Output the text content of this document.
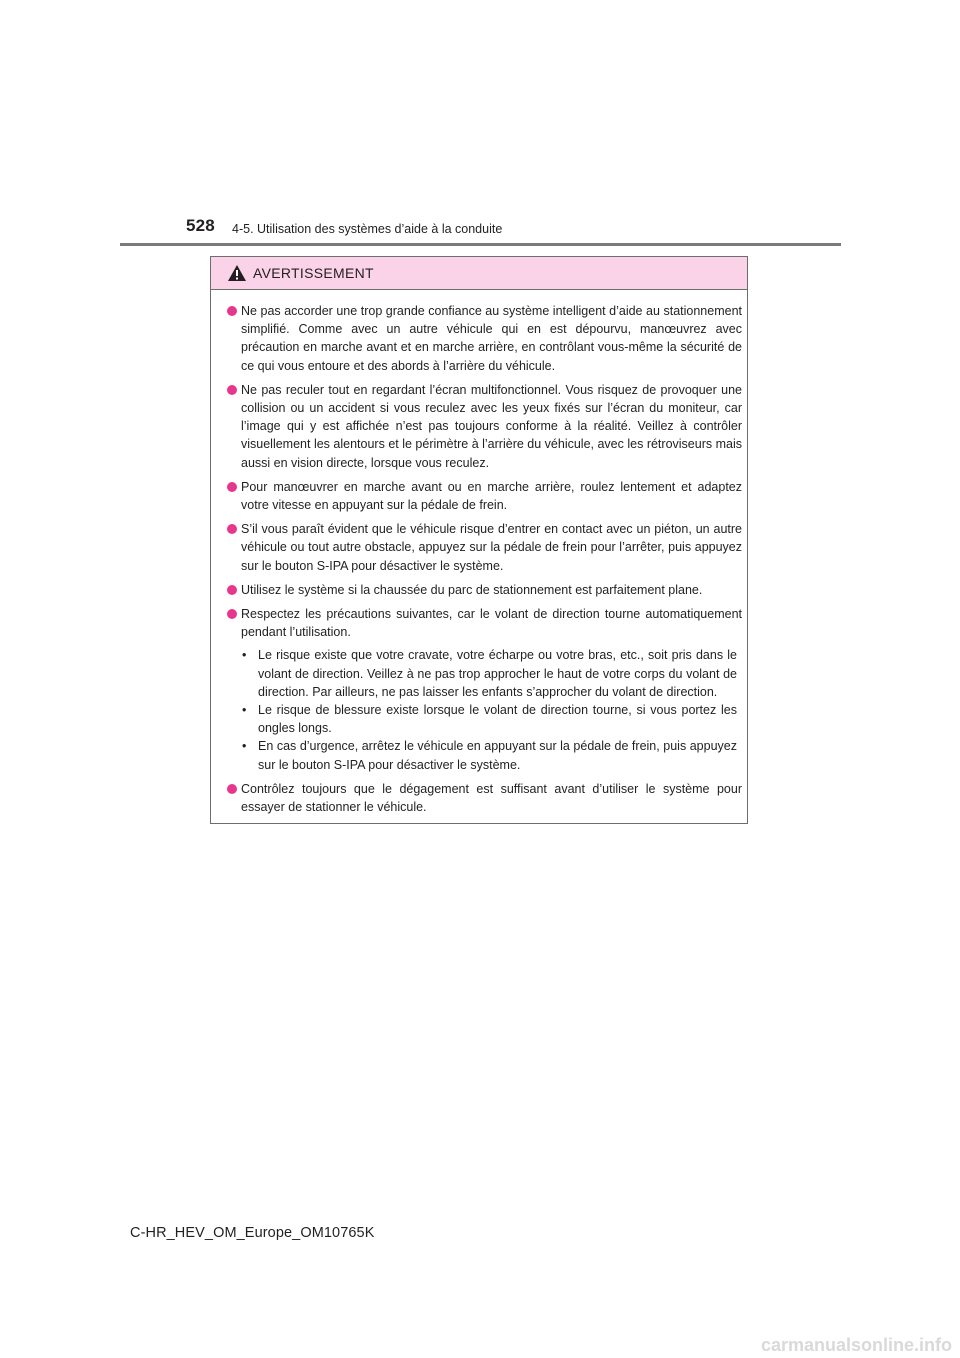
528 4-5. Utilisation des systèmes d’aide à la conduite
AVERTISSEMENT
Ne pas accorder une trop grande confiance au système intelligent d’aide au stationnement simplifié. Comme avec un autre véhicule qui en est dépourvu, manœuvrez avec précaution en marche avant et en marche arrière, en contrôlant vous-même la sécurité de ce qui vous entoure et des abords à l’arrière du véhicule.
Ne pas reculer tout en regardant l’écran multifonctionnel. Vous risquez de provoquer une collision ou un accident si vous reculez avec les yeux fixés sur l’écran du moniteur, car l’image qui y est affichée n’est pas toujours conforme à la réalité. Veillez à contrôler visuellement les alentours et le périmètre à l’arrière du véhicule, avec les rétroviseurs mais aussi en vision directe, lorsque vous reculez.
Pour manœuvrer en marche avant ou en marche arrière, roulez lentement et adaptez votre vitesse en appuyant sur la pédale de frein.
S’il vous paraît évident que le véhicule risque d’entrer en contact avec un piéton, un autre véhicule ou tout autre obstacle, appuyez sur la pédale de frein pour l’arrêter, puis appuyez sur le bouton S-IPA pour désactiver le système.
Utilisez le système si la chaussée du parc de stationnement est parfaitement plane.
Respectez les précautions suivantes, car le volant de direction tourne automatiquement pendant l’utilisation.
• Le risque existe que votre cravate, votre écharpe ou votre bras, etc., soit pris dans le volant de direction. Veillez à ne pas trop approcher le haut de votre corps du volant de direction. Par ailleurs, ne pas laisser les enfants s’approcher du volant de direction.
• Le risque de blessure existe lorsque le volant de direction tourne, si vous portez les ongles longs.
• En cas d’urgence, arrêtez le véhicule en appuyant sur la pédale de frein, puis appuyez sur le bouton S-IPA pour désactiver le système.
Contrôlez toujours que le dégagement est suffisant avant d’utiliser le système pour essayer de stationner le véhicule.
C-HR_HEV_OM_Europe_OM10765K
carmanualsonline.info
